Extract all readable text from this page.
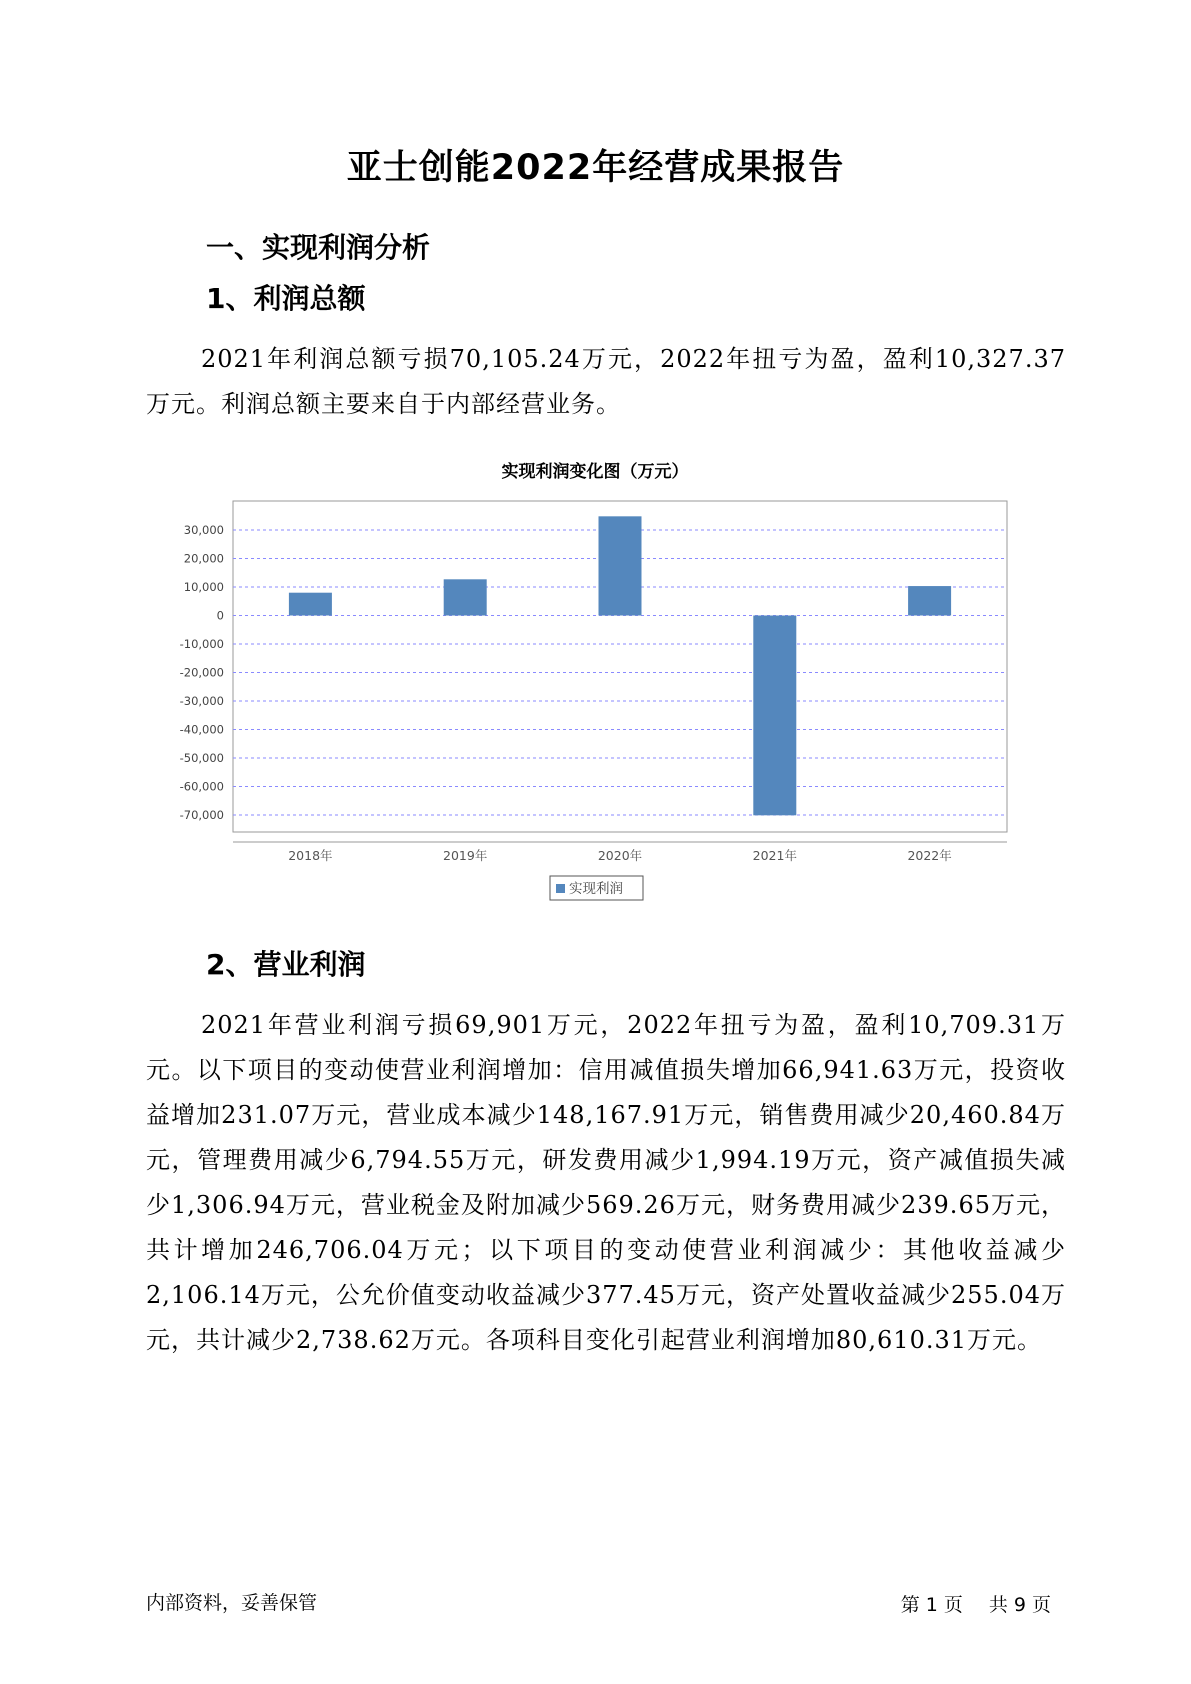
亚士创能2022年经营成果报告
一、实现利润分析
1、利润总额

2021年利润总额亏损70,105.24万元，2022年扭亏为盈，盈利10,327.37万元。利润总额主要来自于内部经营业务。

实现利润变化图（万元）
30,000
20,000
10,000
0
-10,000
-20,000
-30,000
-40,000
-50,000
-60,000
-70,000
2018年	2019年	2020年	2021年	2022年
实现利润
2、营业利润

2021年营业利润亏损69,901万元，2022年扭亏为盈，盈利10,709.31万元。以下项目的变动使营业利润增加：信用减值损失增加66,941.63万元，投资收益增加231.07万元，营业成本减少148,167.91万元，销售费用减少20,460.84万元，管理费用减少6,794.55万元，研发费用减少1,994.19万元，资产减值损失减少1,306.94万元，营业税金及附加减少569.26万元，财务费用减少239.65万元，共计增加246,706.04万元；以下项目的变动使营业利润减少：其他收益减少2,106.14万元，公允价值变动收益减少377.45万元，资产处置收益减少255.04万元，共计减少2,738.62万元。各项科目变化引起营业利润增加80,610.31万元。

内部资料，妥善保管	第 1 页 共 9 页
